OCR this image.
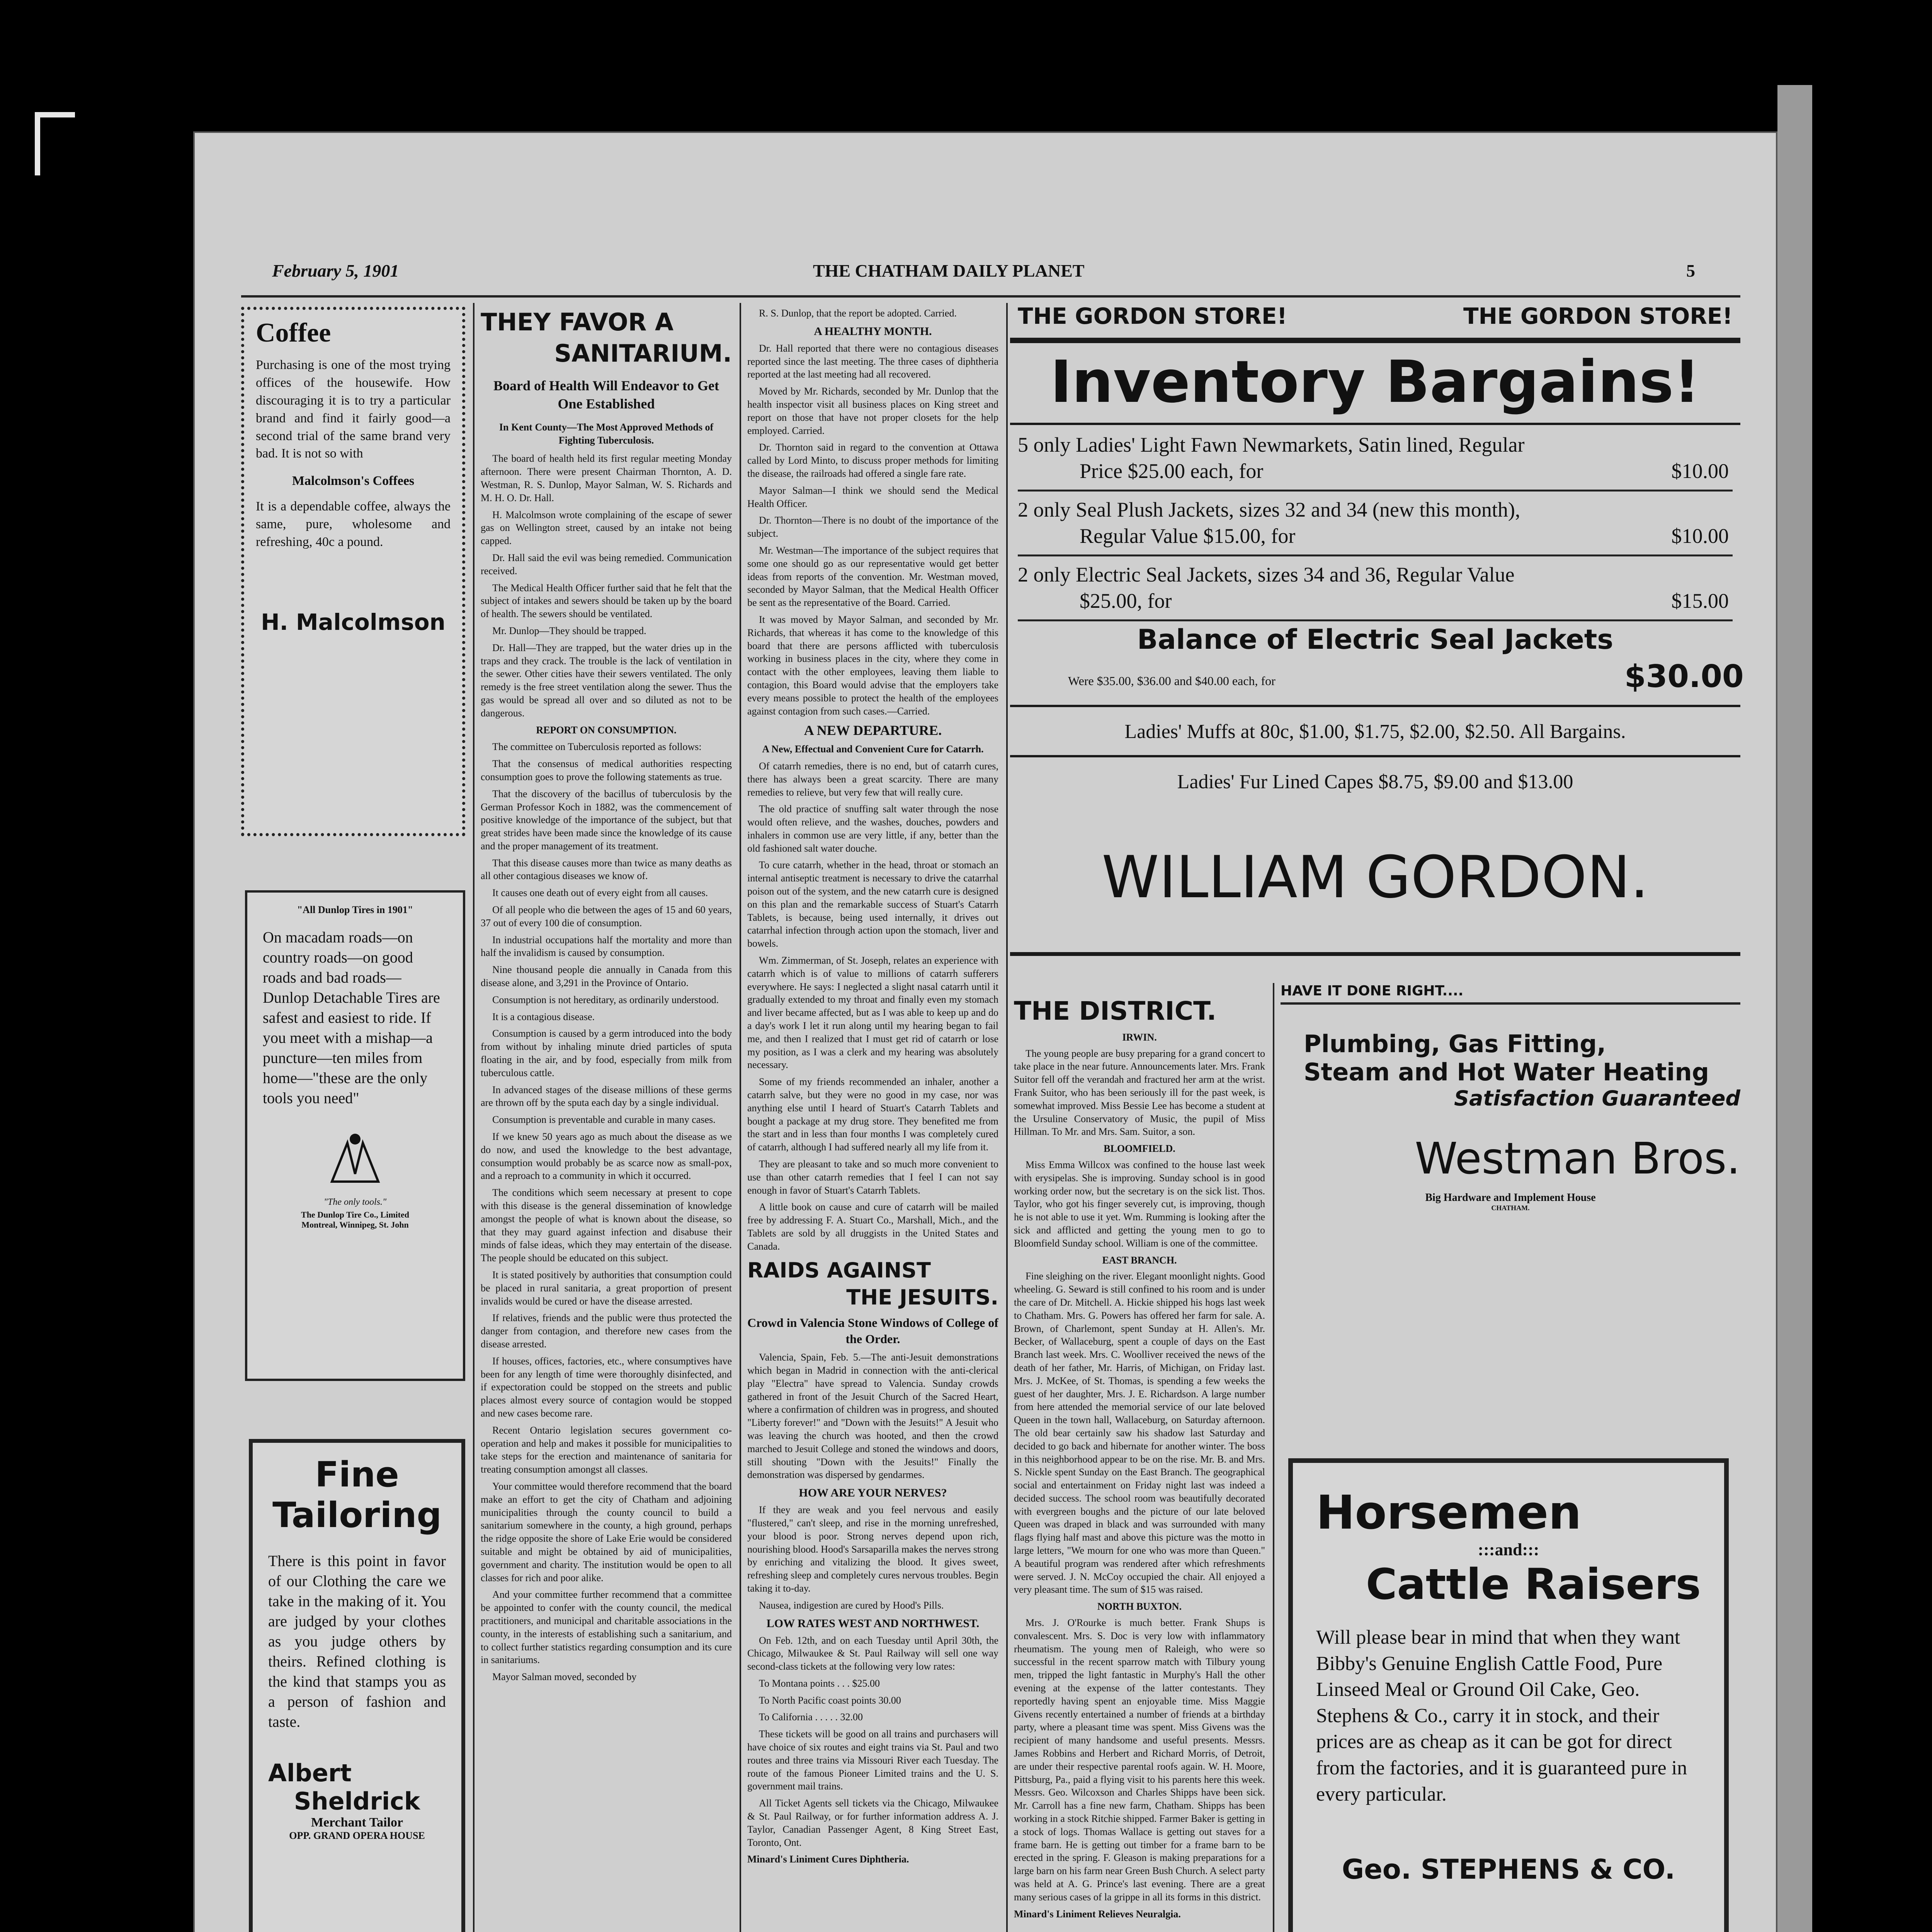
February 5, 1901	THE CHATHAM DAILY PLANET	5
Coffee
Purchasing is one of the most trying offices of the housewife. How discouraging it is to try a particular brand and find it fairly good—a second trial of the same brand very bad. It is not so with
Malcolmson's Coffees
It is a dependable coffee, always the same, pure, wholesome and refreshing, 40c a pound.
H. Malcolmson
"All Dunlop Tires in 1901"
On macadam roads—on country roads—on good roads and bad roads—Dunlop Detachable Tires are safest and easiest to ride. If you meet with a mishap—a puncture—ten miles from home—"these are the only tools you need"
"The only tools."
The Dunlop Tire Co., Limited
Montreal, Winnipeg, St. John
Fine
Tailoring
There is this point in favor of our Clothing the care we take in the making of it. You are judged by your clothes as you judge others by theirs. Refined clothing is the kind that stamps you as a person of fashion and taste.
Albert
Sheldrick
Merchant Tailor
OPP. GRAND OPERA HOUSE
THEY FAVOR A
SANITARIUM.
Board of Health Will Endeavor to Get One Established
In Kent County—The Most Approved Methods of Fighting Tuberculosis.

The board of health held its first regular meeting Monday afternoon. There were present Chairman Thornton, A. D. Westman, R. S. Dunlop, Mayor Salman, W. S. Richards and M. H. O. Dr. Hall.

H. Malcolmson wrote complaining of the escape of sewer gas on Wellington street, caused by an intake not being capped.

Dr. Hall said the evil was being remedied. Communication received.

The Medical Health Officer further said that he felt that the subject of intakes and sewers should be taken up by the board of health. The sewers should be ventilated.

Mr. Dunlop—They should be trapped.

Dr. Hall—They are trapped, but the water dries up in the traps and they crack. The trouble is the lack of ventilation in the sewer. Other cities have their sewers ventilated. The only remedy is the free street ventilation along the sewer. Thus the gas would be spread all over and so diluted as not to be dangerous.

REPORT ON CONSUMPTION.

The committee on Tuberculosis reported as follows:

That the consensus of medical authorities respecting consumption goes to prove the following statements as true.

That the discovery of the bacillus of tuberculosis by the German Professor Koch in 1882, was the commencement of positive knowledge of the importance of the subject, but that great strides have been made since the knowledge of its cause and the proper management of its treatment.

That this disease causes more than twice as many deaths as all other contagious diseases we know of.

It causes one death out of every eight from all causes.

Of all people who die between the ages of 15 and 60 years, 37 out of every 100 die of consumption.

In industrial occupations half the mortality and more than half the invalidism is caused by consumption.

Nine thousand people die annually in Canada from this disease alone, and 3,291 in the Province of Ontario.

Consumption is not hereditary, as ordinarily understood.

It is a contagious disease.

Consumption is caused by a germ introduced into the body from without by inhaling minute dried particles of sputa floating in the air, and by food, especially from milk from tuberculous cattle.

In advanced stages of the disease millions of these germs are thrown off by the sputa each day by a single individual.

Consumption is preventable and curable in many cases.

If we knew 50 years ago as much about the disease as we do now, and used the knowledge to the best advantage, consumption would probably be as scarce now as small-pox, and a reproach to a community in which it occurred.

The conditions which seem necessary at present to cope with this disease is the general dissemination of knowledge amongst the people of what is known about the disease, so that they may guard against infection and disabuse their minds of false ideas, which they may entertain of the disease. The people should be educated on this subject.

It is stated positively by authorities that consumption could be placed in rural sanitaria, a great proportion of present invalids would be cured or have the disease arrested.

If relatives, friends and the public were thus protected the danger from contagion, and therefore new cases from the disease arrested.

If houses, offices, factories, etc., where consumptives have been for any length of time were thoroughly disinfected, and if expectoration could be stopped on the streets and public places almost every source of contagion would be stopped and new cases become rare.

Recent Ontario legislation secures government co-operation and help and makes it possible for municipalities to take steps for the erection and maintenance of sanitaria for treating consumption amongst all classes.

Your committee would therefore recommend that the board make an effort to get the city of Chatham and adjoining municipalities through the county council to build a sanitarium somewhere in the county, a high ground, perhaps the ridge opposite the shore of Lake Erie would be considered suitable and might be obtained by aid of municipalities, government and charity. The institution would be open to all classes for rich and poor alike.

And your committee further recommend that a committee be appointed to confer with the county council, the medical practitioners, and municipal and charitable associations in the county, in the interests of establishing such a sanitarium, and to collect further statistics regarding consumption and its cure in sanitariums.

Mayor Salman moved, seconded by

R. S. Dunlop, that the report be adopted. Carried.

A HEALTHY MONTH.

Dr. Hall reported that there were no contagious diseases reported since the last meeting. The three cases of diphtheria reported at the last meeting had all recovered.

Moved by Mr. Richards, seconded by Mr. Dunlop that the health inspector visit all business places on King street and report on those that have not proper closets for the help employed. Carried.

Dr. Thornton said in regard to the convention at Ottawa called by Lord Minto, to discuss proper methods for limiting the disease, the railroads had offered a single fare rate.

Mayor Salman—I think we should send the Medical Health Officer.

Dr. Thornton—There is no doubt of the importance of the subject.

Mr. Westman—The importance of the subject requires that some one should go as our representative would get better ideas from reports of the convention. Mr. Westman moved, seconded by Mayor Salman, that the Medical Health Officer be sent as the representative of the Board. Carried.

It was moved by Mayor Salman, and seconded by Mr. Richards, that whereas it has come to the knowledge of this board that there are persons afflicted with tuberculosis working in business places in the city, where they come in contact with the other employees, leaving them liable to contagion, this Board would advise that the employers take every means possible to protect the health of the employees against contagion from such cases.—Carried.

A NEW DEPARTURE.
A New, Effectual and Convenient Cure for Catarrh.

Of catarrh remedies, there is no end, but of catarrh cures, there has always been a great scarcity. There are many remedies to relieve, but very few that will really cure.

The old practice of snuffing salt water through the nose would often relieve, and the washes, douches, powders and inhalers in common use are very little, if any, better than the old fashioned salt water douche.

To cure catarrh, whether in the head, throat or stomach an internal antiseptic treatment is necessary to drive the catarrhal poison out of the system, and the new catarrh cure is designed on this plan and the remarkable success of Stuart's Catarrh Tablets, is because, being used internally, it drives out catarrhal infection through action upon the stomach, liver and bowels.

Wm. Zimmerman, of St. Joseph, relates an experience with catarrh which is of value to millions of catarrh sufferers everywhere. He says: I neglected a slight nasal catarrh until it gradually extended to my throat and finally even my stomach and liver became affected, but as I was able to keep up and do a day's work I let it run along until my hearing began to fail me, and then I realized that I must get rid of catarrh or lose my position, as I was a clerk and my hearing was absolutely necessary.

Some of my friends recommended an inhaler, another a catarrh salve, but they were no good in my case, nor was anything else until I heard of Stuart's Catarrh Tablets and bought a package at my drug store. They benefited me from the start and in less than four months I was completely cured of catarrh, although I had suffered nearly all my life from it.

They are pleasant to take and so much more convenient to use than other catarrh remedies that I feel I can not say enough in favor of Stuart's Catarrh Tablets.

A little book on cause and cure of catarrh will be mailed free by addressing F. A. Stuart Co., Marshall, Mich., and the Tablets are sold by all druggists in the United States and Canada.

RAIDS AGAINST
THE JESUITS.
Crowd in Valencia Stone Windows of College of the Order.

Valencia, Spain, Feb. 5.—The anti-Jesuit demonstrations which began in Madrid in connection with the anti-clerical play "Electra" have spread to Valencia. Sunday crowds gathered in front of the Jesuit Church of the Sacred Heart, where a confirmation of children was in progress, and shouted "Liberty forever!" and "Down with the Jesuits!" A Jesuit who was leaving the church was hooted, and then the crowd marched to Jesuit College and stoned the windows and doors, still shouting "Down with the Jesuits!" Finally the demonstration was dispersed by gendarmes.

HOW ARE YOUR NERVES?

If they are weak and you feel nervous and easily "flustered," can't sleep, and rise in the morning unrefreshed, your blood is poor. Strong nerves depend upon rich, nourishing blood. Hood's Sarsaparilla makes the nerves strong by enriching and vitalizing the blood. It gives sweet, refreshing sleep and completely cures nervous troubles. Begin taking it to-day.

Nausea, indigestion are cured by Hood's Pills.

LOW RATES WEST AND NORTHWEST.

On Feb. 12th, and on each Tuesday until April 30th, the Chicago, Milwaukee & St. Paul Railway will sell one way second-class tickets at the following very low rates:

To Montana points . . . $25.00

To North Pacific coast points 30.00

To California . . . . . 32.00

These tickets will be good on all trains and purchasers will have choice of six routes and eight trains via St. Paul and two routes and three trains via Missouri River each Tuesday. The route of the famous Pioneer Limited trains and the U. S. government mail trains.

All Ticket Agents sell tickets via the Chicago, Milwaukee & St. Paul Railway, or for further information address A. J. Taylor, Canadian Passenger Agent, 8 King Street East, Toronto, Ont.

Minard's Liniment Cures Diphtheria.

THE GORDON STORE!	THE GORDON STORE!
Inventory Bargains!
5 only Ladies' Light Fawn Newmarkets, Satin lined, Regular
Price $25.00 each, for	$10.00
2 only Seal Plush Jackets, sizes 32 and 34 (new this month),
Regular Value $15.00, for	$10.00
2 only Electric Seal Jackets, sizes 34 and 36, Regular Value
$25.00, for	$15.00
Balance of Electric Seal Jackets
Were $35.00, $36.00 and $40.00 each, for	$30.00
Ladies' Muffs at 80c, $1.00, $1.75, $2.00, $2.50. All Bargains.
Ladies' Fur Lined Capes $8.75, $9.00 and $13.00
WILLIAM GORDON.
THE DISTRICT.
IRWIN.

The young people are busy preparing for a grand concert to take place in the near future. Announcements later. Mrs. Frank Suitor fell off the verandah and fractured her arm at the wrist. Frank Suitor, who has been seriously ill for the past week, is somewhat improved. Miss Bessie Lee has become a student at the Ursuline Conservatory of Music, the pupil of Miss Hillman. To Mr. and Mrs. Sam. Suitor, a son.

BLOOMFIELD.

Miss Emma Willcox was confined to the house last week with erysipelas. She is improving. Sunday school is in good working order now, but the secretary is on the sick list. Thos. Taylor, who got his finger severely cut, is improving, though he is not able to use it yet. Wm. Rumming is looking after the sick and afflicted and getting the young men to go to Bloomfield Sunday school. William is one of the committee.

EAST BRANCH.

Fine sleighing on the river. Elegant moonlight nights. Good wheeling. G. Seward is still confined to his room and is under the care of Dr. Mitchell. A. Hickie shipped his hogs last week to Chatham. Mrs. G. Powers has offered her farm for sale. A. Brown, of Charlemont, spent Sunday at H. Allen's. Mr. Becker, of Wallaceburg, spent a couple of days on the East Branch last week. Mrs. C. Woolliver received the news of the death of her father, Mr. Harris, of Michigan, on Friday last. Mrs. J. McKee, of St. Thomas, is spending a few weeks the guest of her daughter, Mrs. J. E. Richardson. A large number from here attended the memorial service of our late beloved Queen in the town hall, Wallaceburg, on Saturday afternoon. The old bear certainly saw his shadow last Saturday and decided to go back and hibernate for another winter. The boss in this neighborhood appear to be on the rise. Mr. B. and Mrs. S. Nickle spent Sunday on the East Branch. The geographical social and entertainment on Friday night last was indeed a decided success. The school room was beautifully decorated with evergreen boughs and the picture of our late beloved Queen was draped in black and was surrounded with many flags flying half mast and above this picture was the motto in large letters, "We mourn for one who was more than Queen." A beautiful program was rendered after which refreshments were served. J. N. McCoy occupied the chair. All enjoyed a very pleasant time. The sum of $15 was raised.

NORTH BUXTON.

Mrs. J. O'Rourke is much better. Frank Shups is convalescent. Mrs. S. Doc is very low with inflammatory rheumatism. The young men of Raleigh, who were so successful in the recent sparrow match with Tilbury young men, tripped the light fantastic in Murphy's Hall the other evening at the expense of the latter contestants. They reportedly having spent an enjoyable time. Miss Maggie Givens recently entertained a number of friends at a birthday party, where a pleasant time was spent. Miss Givens was the recipient of many handsome and useful presents. Messrs. James Robbins and Herbert and Richard Morris, of Detroit, are under their respective parental roofs again. W. H. Moore, Pittsburg, Pa., paid a flying visit to his parents here this week. Messrs. Geo. Wilcoxson and Charles Shipps have been sick. Mr. Carroll has a fine new farm, Chatham. Shipps has been working in a stock Ritchie shipped. Farmer Baker is getting in a stock of logs. Thomas Wallace is getting out staves for a frame barn. He is getting out timber for a frame barn to be erected in the spring. F. Gleason is making preparations for a large barn on his farm near Green Bush Church. A select party was held at A. G. Prince's last evening. There are a great many serious cases of la grippe in all its forms in this district.

Minard's Liniment Relieves Neuralgia.

HAVE IT DONE RIGHT....
Plumbing, Gas Fitting,
Steam and Hot Water Heating
Satisfaction Guaranteed
Westman Bros.
Big Hardware and Implement House
CHATHAM.
Horsemen
:::and:::
Cattle Raisers
Will please bear in mind that when they want Bibby's Genuine English Cattle Food, Pure Linseed Meal or Ground Oil Cake, Geo. Stephens & Co., carry it in stock, and their prices are as cheap as it can be got for direct from the factories, and it is guaranteed pure in every particular.
Geo. STEPHENS & CO.
